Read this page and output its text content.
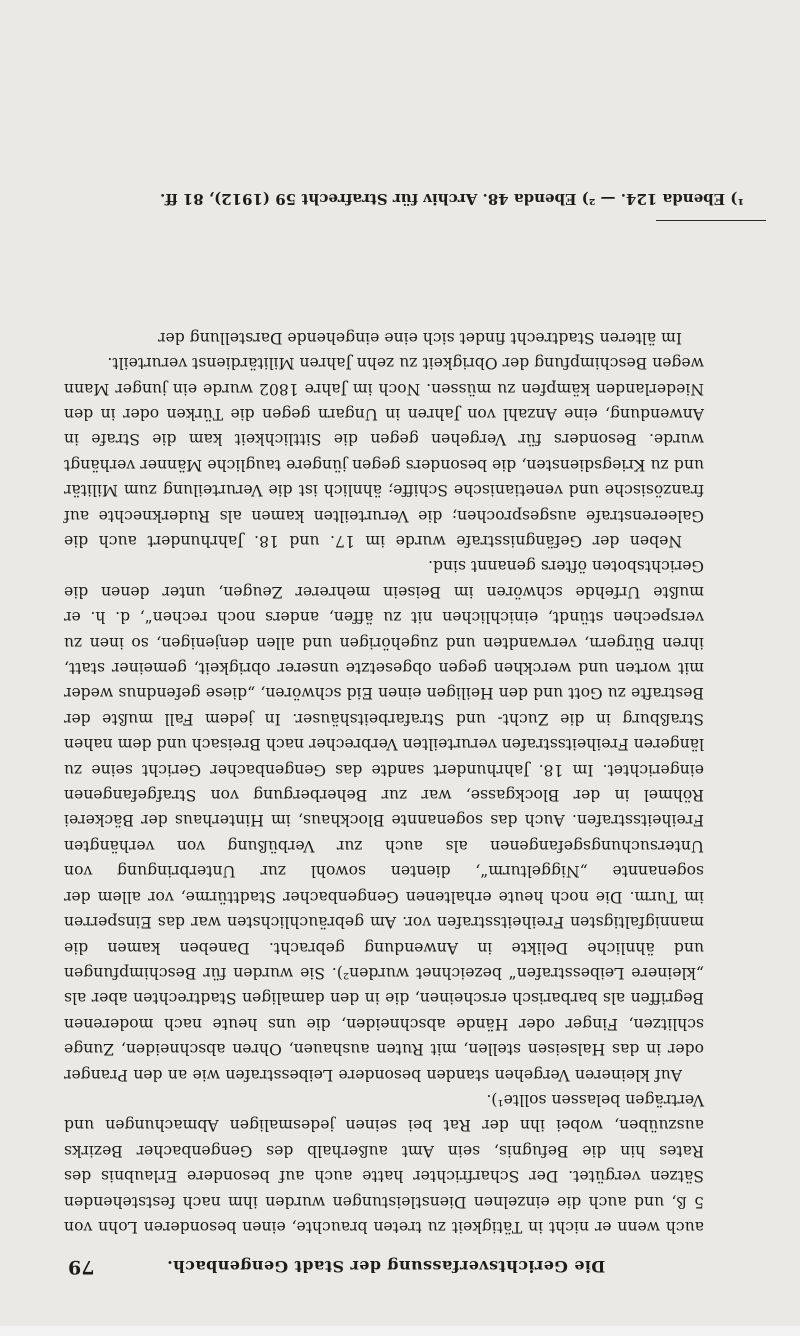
Die Gerichtsverfassung der Stadt Gengenbach.
79

auch wenn er nicht in Tätigkeit zu treten brauchte, einen besonderen Lohn von 5 ß, und auch die einzelnen Dienstleistungen wurden ihm nach feststehenden Sätzen vergütet. Der Scharfrichter hatte auch auf besondere Erlaubnis des Rates hin die Befugnis, sein Amt außerhalb des Gengenbacher Bezirks auszuüben, wobei ihn der Rat bei seinen jedesmaligen Abmachungen und Verträgen belassen sollte¹).

Auf kleineren Vergehen standen besondere Leibesstrafen wie an den Pranger oder in das Halseisen stellen, mit Ruten aushauen, Ohren abschneiden, Zunge schlitzen, Finger oder Hände abschneiden, die uns heute nach moderenen Begriffen als barbarisch erscheinen, die in den damaligen Stadtrechten aber als „kleinere Leibesstrafen“ bezeichnet wurden²). Sie wurden für Beschimpfungen und ähnliche Delikte in Anwendung gebracht. Daneben kamen die mannigfaltigsten Freiheitsstrafen vor. Am gebräuchlichsten war das Einsperren im Turm. Die noch heute erhaltenen Gengenbacher Stadttürme, vor allem der sogenannte „Niggelturm“, dienten sowohl zur Unterbringung von Untersuchungsgefangenen als auch zur Verbüßung von verhängten Freiheitsstrafen. Auch das sogenannte Blockhaus, im Hinterhaus der Bäckerei Röhmel in der Blockgasse, war zur Beherbergung von Strafgefangenen eingerichtet. Im 18. Jahrhundert sandte das Gengenbacher Gericht seine zu längeren Freiheitsstrafen verurteilten Verbrecher nach Breisach und dem nahen Straßburg in die Zucht- und Strafarbeitshäuser. In jedem Fall mußte der Bestrafte zu Gott und den Heiligen einen Eid schwören, „diese gefendnus weder mit worten und werckhen gegen obgesetzte unserer obrigkeit, gemeiner statt, ihren Bürgern, verwandten und zugehörigen und allen denjenigen, so inen zu verspechen stündt, einichlichen nit zu äffen, anders noch rechen“, d. h. er mußte Urfehde schwören im Beisein mehrerer Zeugen, unter denen die Gerichtsboten öfters genannt sind.

Neben der Gefängnisstrafe wurde im 17. und 18. Jahrhundert auch die Galeerenstrafe ausgesprochen; die Verurteilten kamen als Ruderknechte auf französische und venetianische Schiffe; ähnlich ist die Verurteilung zum Militär und zu Kriegsdiensten, die besonders gegen jüngere taugliche Männer verhängt wurde. Besonders für Vergehen gegen die Sittlichkeit kam die Strafe in Anwendung, eine Anzahl von Jahren in Ungarn gegen die Türken oder in den Niederlanden kämpfen zu müssen. Noch im Jahre 1802 wurde ein junger Mann wegen Beschimpfung der Obrigkeit zu zehn Jahren Militärdienst verurteilt.

Im älteren Stadtrecht findet sich eine eingehende Darstellung der

¹) Ebenda 124. — ²) Ebenda 48. Archiv für Strafrecht 59 (1912), 81 ff.
